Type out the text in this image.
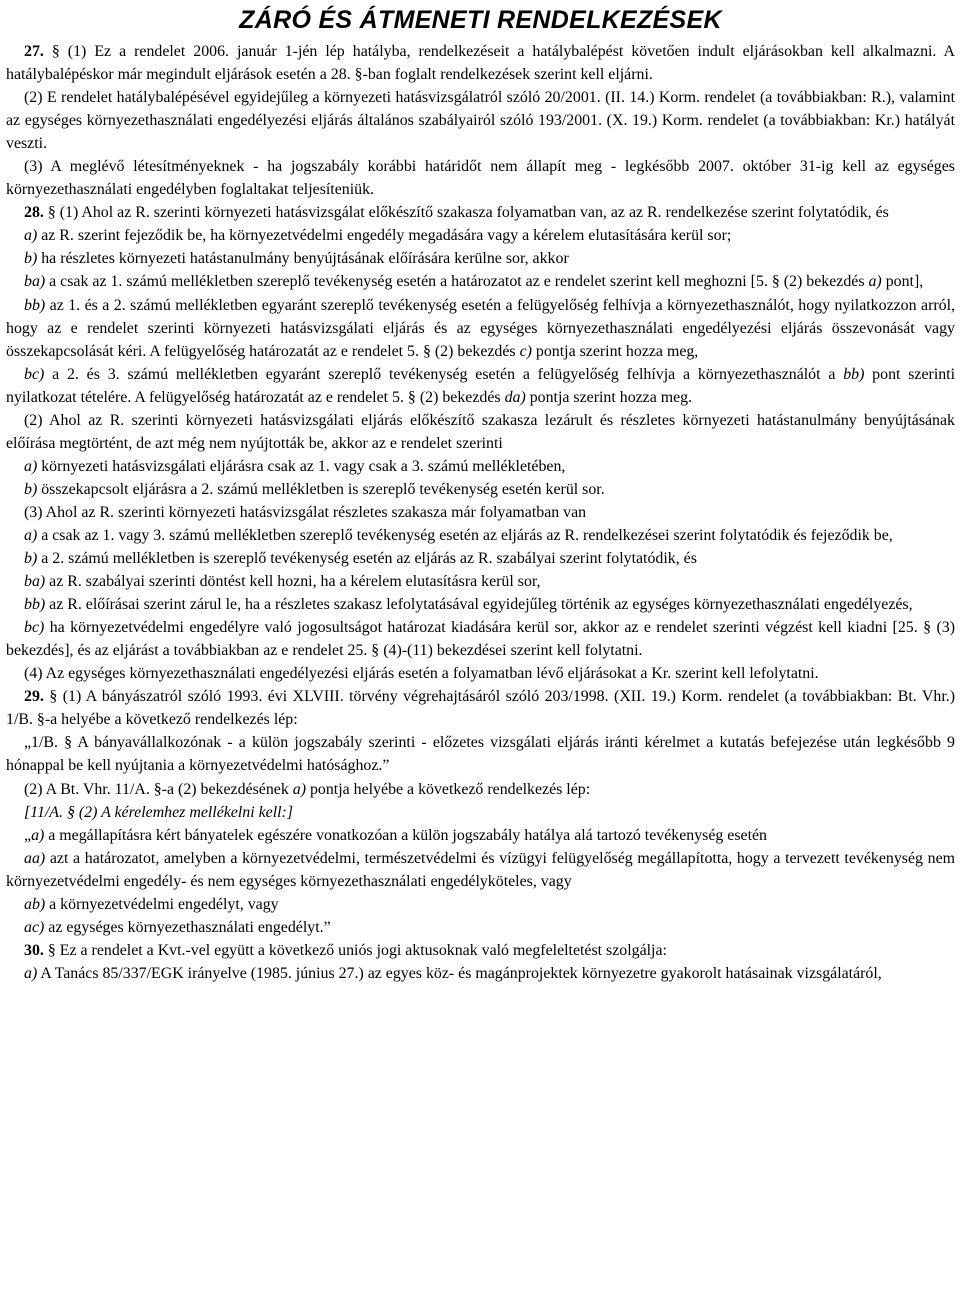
ZÁRÓ ÉS ÁTMENETI RENDELKEZÉSEK

27. § (1) Ez a rendelet 2006. január 1-jén lép hatályba, rendelkezéseit a hatálybalépést követően indult eljárásokban kell alkalmazni. A hatálybalépéskor már megindult eljárások esetén a 28. §-ban foglalt rendelkezések szerint kell eljárni.

(2) E rendelet hatálybalépésével egyidejűleg a környezeti hatásvizsgálatról szóló 20/2001. (II. 14.) Korm. rendelet (a továbbiakban: R.), valamint az egységes környezethasználati engedélyezési eljárás általános szabályairól szóló 193/2001. (X. 19.) Korm. rendelet (a továbbiakban: Kr.) hatályát veszti.

(3) A meglévő létesítményeknek - ha jogszabály korábbi határidőt nem állapít meg - legkésőbb 2007. október 31-ig kell az egységes környezethasználati engedélyben foglaltakat teljesíteniük.

28. § (1) Ahol az R. szerinti környezeti hatásvizsgálat előkészítő szakasza folyamatban van, az az R. rendelkezése szerint folytatódik, és

a) az R. szerint fejeződik be, ha környezetvédelmi engedély megadására vagy a kérelem elutasítására kerül sor;

b) ha részletes környezeti hatástanulmány benyújtásának előírására kerülne sor, akkor

ba) a csak az 1. számú mellékletben szereplő tevékenység esetén a határozatot az e rendelet szerint kell meghozni [5. § (2) bekezdés a) pont],

bb) az 1. és a 2. számú mellékletben egyaránt szereplő tevékenység esetén a felügyelőség felhívja a környezethasználót, hogy nyilatkozzon arról, hogy az e rendelet szerinti környezeti hatásvizsgálati eljárás és az egységes környezethasználati engedélyezési eljárás összevonását vagy összekapcsolását kéri. A felügyelőség határozatát az e rendelet 5. § (2) bekezdés c) pontja szerint hozza meg,

bc) a 2. és 3. számú mellékletben egyaránt szereplő tevékenység esetén a felügyelőség felhívja a környezethasználót a bb) pont szerinti nyilatkozat tételére. A felügyelőség határozatát az e rendelet 5. § (2) bekezdés da) pontja szerint hozza meg.

(2) Ahol az R. szerinti környezeti hatásvizsgálati eljárás előkészítő szakasza lezárult és részletes környezeti hatástanulmány benyújtásának előírása megtörtént, de azt még nem nyújtották be, akkor az e rendelet szerinti

a) környezeti hatásvizsgálati eljárásra csak az 1. vagy csak a 3. számú mellékletében,

b) összekapcsolt eljárásra a 2. számú mellékletben is szereplő tevékenység esetén kerül sor.

(3) Ahol az R. szerinti környezeti hatásvizsgálat részletes szakasza már folyamatban van

a) a csak az 1. vagy 3. számú mellékletben szereplő tevékenység esetén az eljárás az R. rendelkezései szerint folytatódik és fejeződik be,

b) a 2. számú mellékletben is szereplő tevékenység esetén az eljárás az R. szabályai szerint folytatódik, és

ba) az R. szabályai szerinti döntést kell hozni, ha a kérelem elutasításra kerül sor,

bb) az R. előírásai szerint zárul le, ha a részletes szakasz lefolytatásával egyidejűleg történik az egységes környezethasználati engedélyezés,

bc) ha környezetvédelmi engedélyre való jogosultságot határozat kiadására kerül sor, akkor az e rendelet szerinti végzést kell kiadni [25. § (3) bekezdés], és az eljárást a továbbiakban az e rendelet 25. § (4)-(11) bekezdései szerint kell folytatni.

(4) Az egységes környezethasználati engedélyezési eljárás esetén a folyamatban lévő eljárásokat a Kr. szerint kell lefolytatni.

29. § (1) A bányászatról szóló 1993. évi XLVIII. törvény végrehajtásáról szóló 203/1998. (XII. 19.) Korm. rendelet (a továbbiakban: Bt. Vhr.) 1/B. §-a helyébe a következő rendelkezés lép:

„1/B. § A bányavállalkozónak - a külön jogszabály szerinti - előzetes vizsgálati eljárás iránti kérelmet a kutatás befejezése után legkésőbb 9 hónappal be kell nyújtania a környezetvédelmi hatósághoz.”

(2) A Bt. Vhr. 11/A. §-a (2) bekezdésének a) pontja helyébe a következő rendelkezés lép:

[11/A. § (2) A kérelemhez mellékelni kell:]

„a) a megállapításra kért bányatelek egészére vonatkozóan a külön jogszabály hatálya alá tartozó tevékenység esetén

aa) azt a határozatot, amelyben a környezetvédelmi, természetvédelmi és vízügyi felügyelőség megállapította, hogy a tervezett tevékenység nem környezetvédelmi engedély- és nem egységes környezethasználati engedélyköteles, vagy

ab) a környezetvédelmi engedélyt, vagy

ac) az egységes környezethasználati engedélyt.”

30. § Ez a rendelet a Kvt.-vel együtt a következő uniós jogi aktusoknak való megfeleltetést szolgálja:

a) A Tanács 85/337/EGK irányelve (1985. június 27.) az egyes köz- és magánprojektek környezetre gyakorolt hatásainak vizsgálatáról,
